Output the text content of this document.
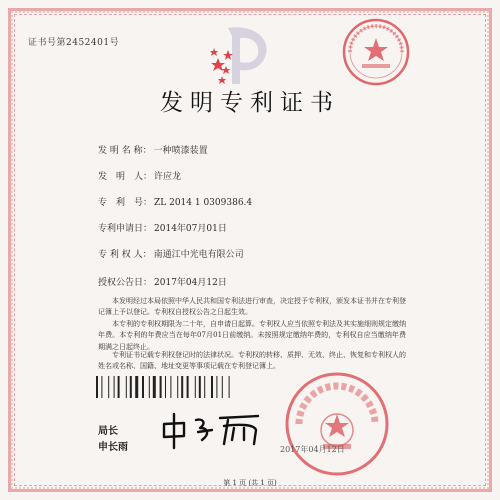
证书号第2452401号
发明专利证书
发 明 名 称： 一种喷漆装置
发　明　人： 许应龙
专　利　号： ZL 2014 1 0309386.4
专利申请日： 2014年07月01日
专 利 权 人： 南通江中光电有限公司
授权公告日： 2017年04月12日
本发明经过本局依照中华人民共和国专利法进行审查，决定授予专利权，颁发本证书并在专利登记簿上予以登记。专利权自授权公告之日起生效。
本专利的专利权期限为二十年，自申请日起算。专利权人应当依照专利法及其实施细则规定缴纳年费。本专利的年费应当在每年07月01日前缴纳。未按照规定缴纳年费的，专利权自应当缴纳年费期满之日起终止。
专利证书记载专利权登记时的法律状况。专利权的转移、质押、无效、终止、恢复和专利权人的姓名或名称、国籍、地址变更等事项记载在专利登记簿上。
局长
申长雨	2017年04月12日
第 1 页 (共 1 页)
